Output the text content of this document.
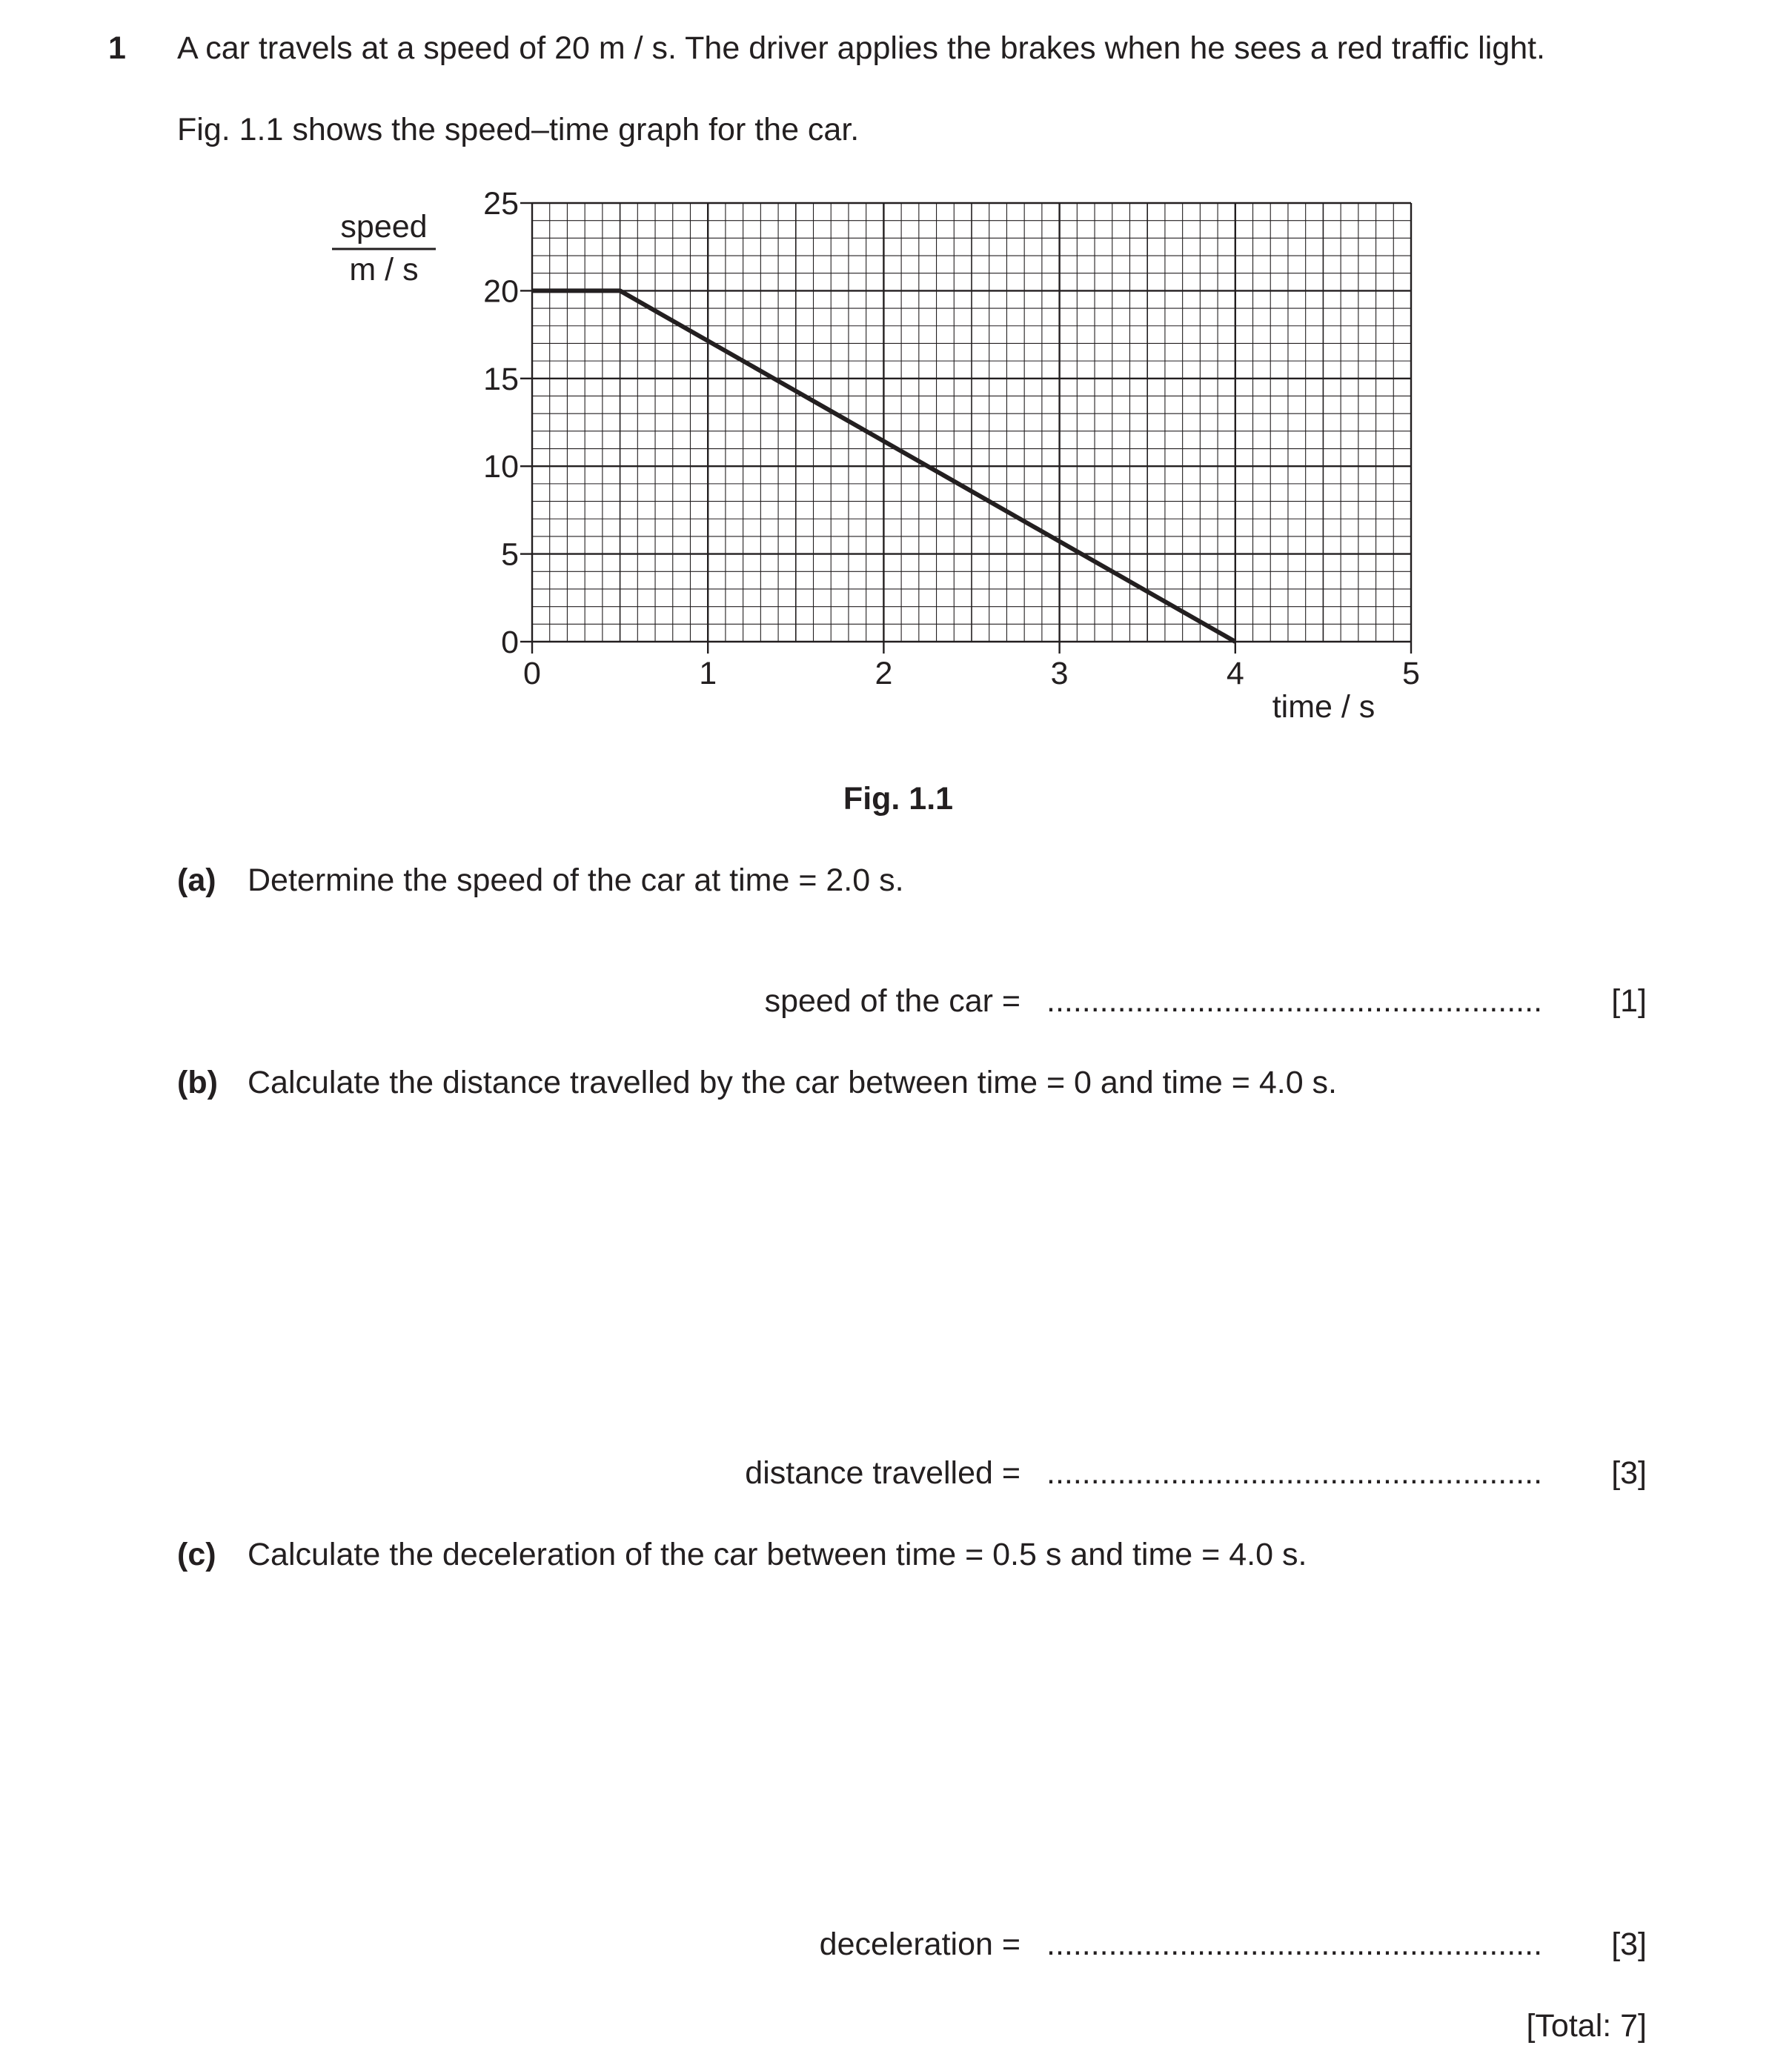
1 A car travels at a speed of 20 m / s. The driver applies the brakes when he sees a red traffic light.
Fig. 1.1 shows the speed–time graph for the car.
0	1	2	3	4	5
0
5
10
15
20
25
speed
m / s
time / s
Fig. 1.1
(a) Determine the speed of the car at time = 2.0 s.
speed of the car = ........................................................ [1]
(b) Calculate the distance travelled by the car between time = 0 and time = 4.0 s.
distance travelled = ........................................................ [3]
(c) Calculate the deceleration of the car between time = 0.5 s and time = 4.0 s.
deceleration = ........................................................ [3]
[Total: 7]
